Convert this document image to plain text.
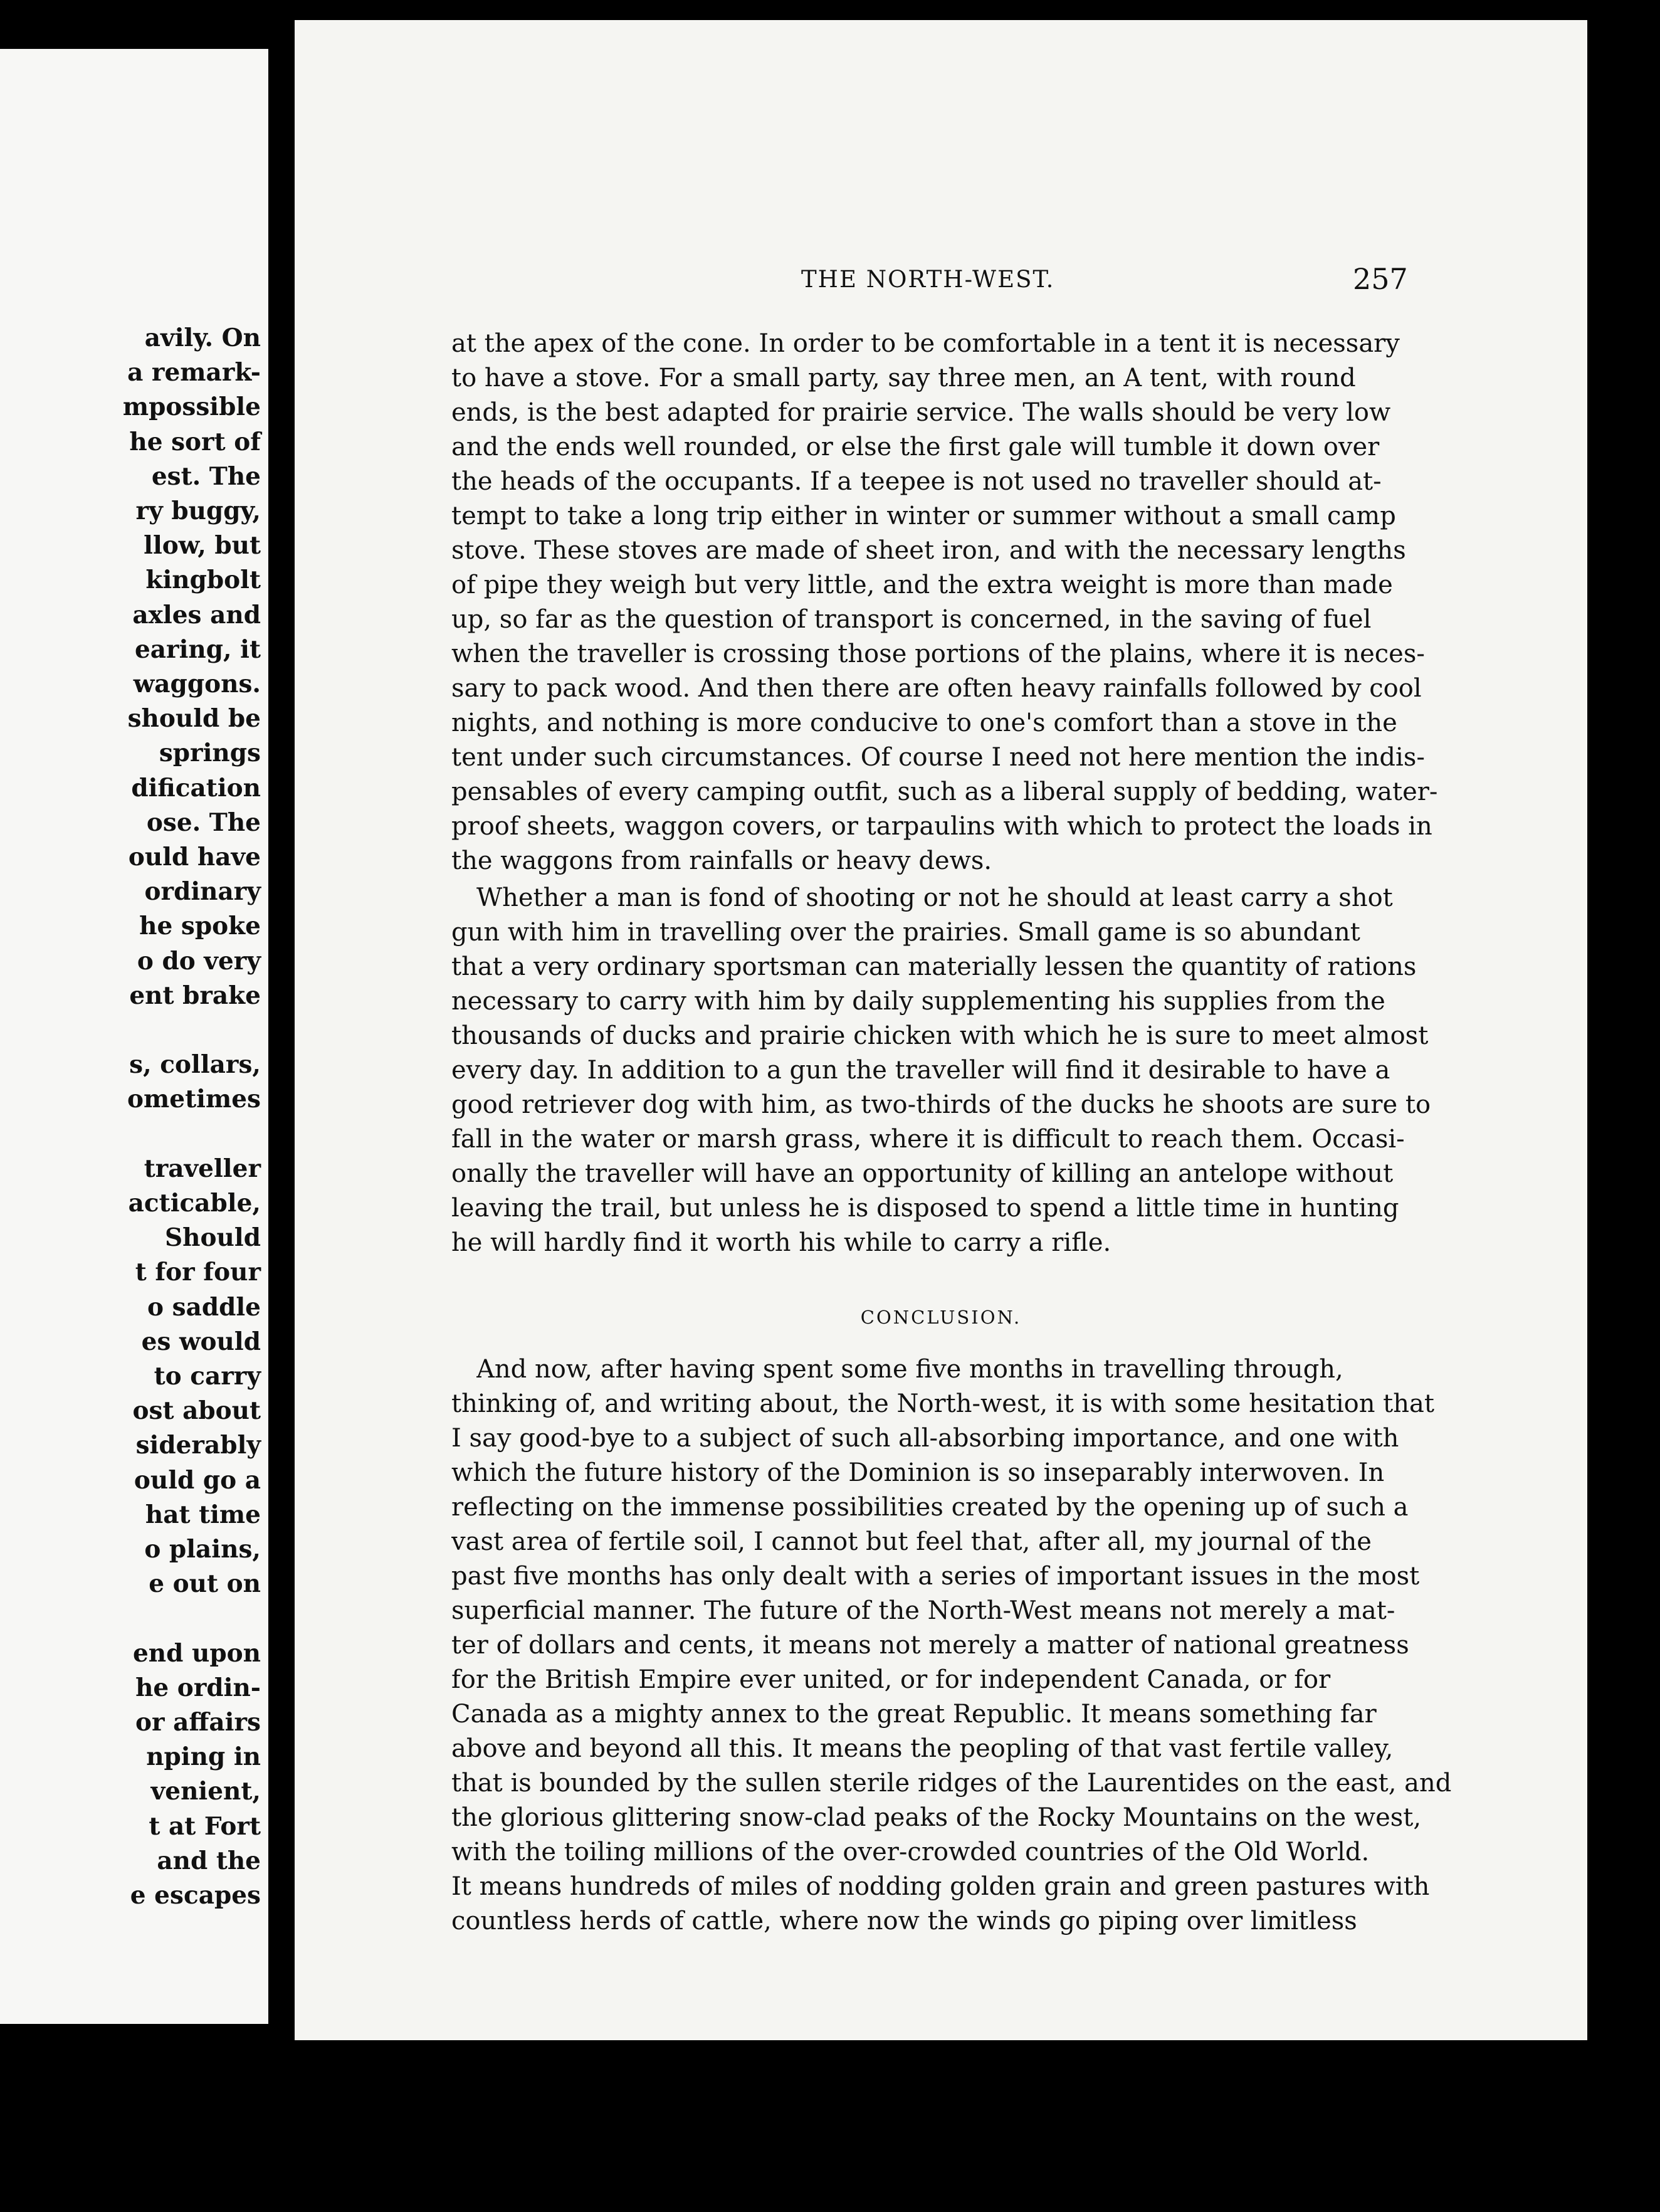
avily. On
a remark-
mpossible
he sort of
est. The
ry buggy,
llow, but
kingbolt
axles and
earing, it
waggons.
should be
springs
dification
ose. The
ould have
ordinary
he spoke
o do very
ent brake
s, collars,
ometimes
traveller
acticable,
Should
t for four
o saddle
es would
to carry
ost about
siderably
ould go a
hat time
o plains,
e out on
end upon
he ordin-
or affairs
nping in
venient,
t at Fort
and the
e escapes
THE NORTH-WEST.	257
CONCLUSION.
at the apex of the cone. In order to be comfortable in a tent it is necessary
to have a stove. For a small party, say three men, an A tent, with round
ends, is the best adapted for prairie service. The walls should be very low
and the ends well rounded, or else the first gale will tumble it down over
the heads of the occupants. If a teepee is not used no traveller should at-
tempt to take a long trip either in winter or summer without a small camp
stove. These stoves are made of sheet iron, and with the necessary lengths
of pipe they weigh but very little, and the extra weight is more than made
up, so far as the question of transport is concerned, in the saving of fuel
when the traveller is crossing those portions of the plains, where it is neces-
sary to pack wood. And then there are often heavy rainfalls followed by cool
nights, and nothing is more conducive to one's comfort than a stove in the
tent under such circumstances. Of course I need not here mention the indis-
pensables of every camping outfit, such as a liberal supply of bedding, water-
proof sheets, waggon covers, or tarpaulins with which to protect the loads in
the waggons from rainfalls or heavy dews.
Whether a man is fond of shooting or not he should at least carry a shot
gun with him in travelling over the prairies. Small game is so abundant
that a very ordinary sportsman can materially lessen the quantity of rations
necessary to carry with him by daily supplementing his supplies from the
thousands of ducks and prairie chicken with which he is sure to meet almost
every day. In addition to a gun the traveller will find it desirable to have a
good retriever dog with him, as two-thirds of the ducks he shoots are sure to
fall in the water or marsh grass, where it is difficult to reach them. Occasi-
onally the traveller will have an opportunity of killing an antelope without
leaving the trail, but unless he is disposed to spend a little time in hunting
he will hardly find it worth his while to carry a rifle.
And now, after having spent some five months in travelling through,
thinking of, and writing about, the North-west, it is with some hesitation that
I say good-bye to a subject of such all-absorbing importance, and one with
which the future history of the Dominion is so inseparably interwoven. In
reflecting on the immense possibilities created by the opening up of such a
vast area of fertile soil, I cannot but feel that, after all, my journal of the
past five months has only dealt with a series of important issues in the most
superficial manner. The future of the North-West means not merely a mat-
ter of dollars and cents, it means not merely a matter of national greatness
for the British Empire ever united, or for independent Canada, or for
Canada as a mighty annex to the great Republic. It means something far
above and beyond all this. It means the peopling of that vast fertile valley,
that is bounded by the sullen sterile ridges of the Laurentides on the east, and
the glorious glittering snow-clad peaks of the Rocky Mountains on the west,
with the toiling millions of the over-crowded countries of the Old World.
It means hundreds of miles of nodding golden grain and green pastures with
countless herds of cattle, where now the winds go piping over limitless
